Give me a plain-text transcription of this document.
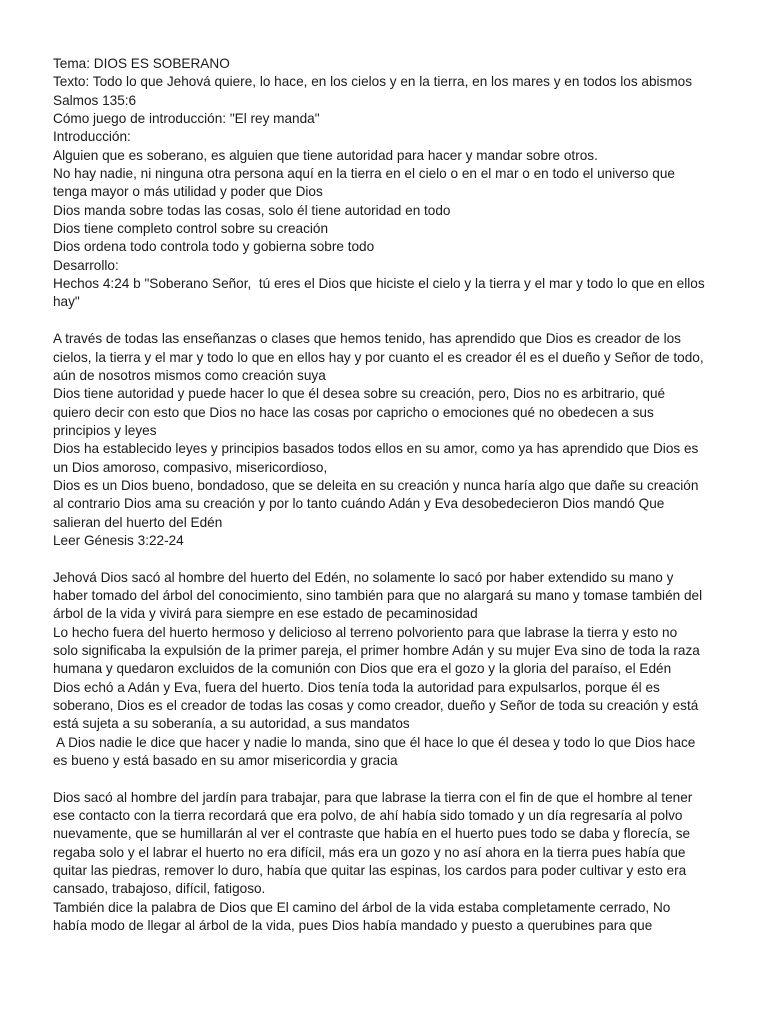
Tema: DIOS ES SOBERANO
Texto: Todo lo que Jehová quiere, lo hace, en los cielos y en la tierra, en los mares y en todos los abismos
Salmos 135:6
Cómo juego de introducción: "El rey manda"
Introducción:
Alguien que es soberano, es alguien que tiene autoridad para hacer y mandar sobre otros.
No hay nadie, ni ninguna otra persona aquí en la tierra en el cielo o en el mar o en todo el universo que
tenga mayor o más utilidad y poder que Dios
Dios manda sobre todas las cosas, solo él tiene autoridad en todo
Dios tiene completo control sobre su creación
Dios ordena todo controla todo y gobierna sobre todo
Desarrollo:
Hechos 4:24 b "Soberano Señor,  tú eres el Dios que hiciste el cielo y la tierra y el mar y todo lo que en ellos
hay"
A través de todas las enseñanzas o clases que hemos tenido, has aprendido que Dios es creador de los
cielos, la tierra y el mar y todo lo que en ellos hay y por cuanto el es creador él es el dueño y Señor de todo,
aún de nosotros mismos como creación suya
Dios tiene autoridad y puede hacer lo que él desea sobre su creación, pero, Dios no es arbitrario, qué
quiero decir con esto que Dios no hace las cosas por capricho o emociones qué no obedecen a sus
principios y leyes
Dios ha establecido leyes y principios basados todos ellos en su amor, como ya has aprendido que Dios es
un Dios amoroso, compasivo, misericordioso,
Dios es un Dios bueno, bondadoso, que se deleita en su creación y nunca haría algo que dañe su creación
al contrario Dios ama su creación y por lo tanto cuándo Adán y Eva desobedecieron Dios mandó Que
salieran del huerto del Edén
Leer Génesis 3:22-24
Jehová Dios sacó al hombre del huerto del Edén, no solamente lo sacó por haber extendido su mano y
haber tomado del árbol del conocimiento, sino también para que no alargará su mano y tomase también del
árbol de la vida y vivirá para siempre en ese estado de pecaminosidad
Lo hecho fuera del huerto hermoso y delicioso al terreno polvoriento para que labrase la tierra y esto no
solo significaba la expulsión de la primer pareja, el primer hombre Adán y su mujer Eva sino de toda la raza
humana y quedaron excluidos de la comunión con Dios que era el gozo y la gloria del paraíso, el Edén
Dios echó a Adán y Eva, fuera del huerto. Dios tenía toda la autoridad para expulsarlos, porque él es
soberano, Dios es el creador de todas las cosas y como creador, dueño y Señor de toda su creación y está
está sujeta a su soberanía, a su autoridad, a sus mandatos
A Dios nadie le dice que hacer y nadie lo manda, sino que él hace lo que él desea y todo lo que Dios hace
es bueno y está basado en su amor misericordia y gracia
Dios sacó al hombre del jardín para trabajar, para que labrase la tierra con el fin de que el hombre al tener
ese contacto con la tierra recordará que era polvo, de ahí había sido tomado y un día regresaría al polvo
nuevamente, que se humillarán al ver el contraste que había en el huerto pues todo se daba y florecía, se
regaba solo y el labrar el huerto no era difícil, más era un gozo y no así ahora en la tierra pues había que
quitar las piedras, remover lo duro, había que quitar las espinas, los cardos para poder cultivar y esto era
cansado, trabajoso, difícil, fatigoso.
También dice la palabra de Dios que El camino del árbol de la vida estaba completamente cerrado, No
había modo de llegar al árbol de la vida, pues Dios había mandado y puesto a querubines para que
